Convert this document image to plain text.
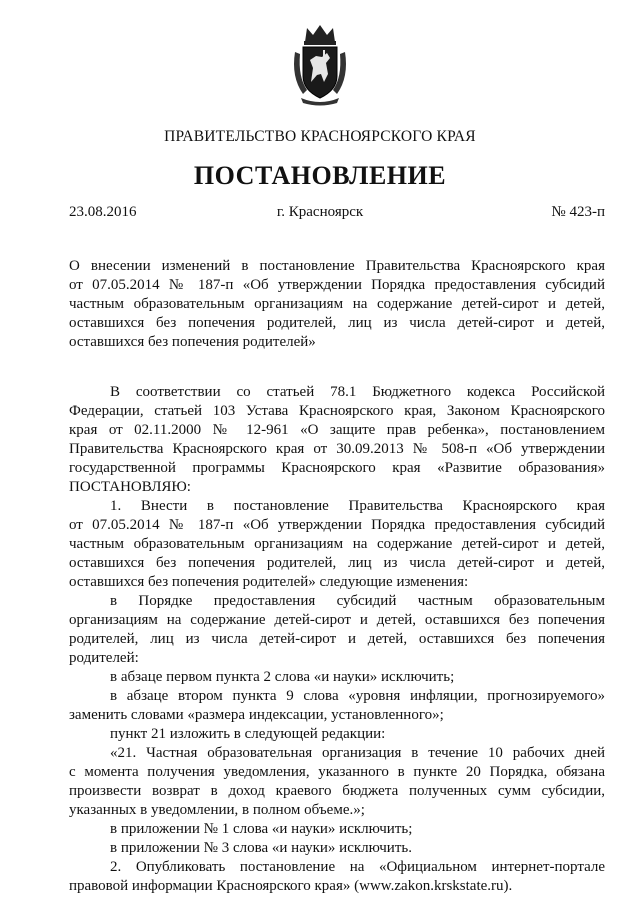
ПРАВИТЕЛЬСТВО КРАСНОЯРСКОГО КРАЯ
ПОСТАНОВЛЕНИЕ
23.08.2016	г. Красноярск	№ 423-п
О внесении изменений в постановление Правительства Красноярского края
от 07.05.2014 № 187-п «Об утверждении Порядка предоставления субсидий
частным образовательным организациям на содержание детей-сирот и детей,
оставшихся без попечения родителей, лиц из числа детей-сирот и детей,
оставшихся без попечения родителей»
В соответствии со статьей 78.1 Бюджетного кодекса Российской
Федерации, статьей 103 Устава Красноярского края, Законом Красноярского
края от 02.11.2000 № 12-961 «О защите прав ребенка», постановлением
Правительства Красноярского края от 30.09.2013 № 508-п «Об утверждении
государственной программы Красноярского края «Развитие образования»
ПОСТАНОВЛЯЮ:
1. Внести в постановление Правительства Красноярского края
от 07.05.2014 № 187-п «Об утверждении Порядка предоставления субсидий
частным образовательным организациям на содержание детей-сирот и детей,
оставшихся без попечения родителей, лиц из числа детей-сирот и детей,
оставшихся без попечения родителей» следующие изменения:
в Порядке предоставления субсидий частным образовательным
организациям на содержание детей-сирот и детей, оставшихся без попечения
родителей, лиц из числа детей-сирот и детей, оставшихся без попечения
родителей:
в абзаце первом пункта 2 слова «и науки» исключить;
в абзаце втором пункта 9 слова «уровня инфляции, прогнозируемого»
заменить словами «размера индексации, установленного»;
пункт 21 изложить в следующей редакции:
«21. Частная образовательная организация в течение 10 рабочих дней
с момента получения уведомления, указанного в пункте 20 Порядка, обязана
произвести возврат в доход краевого бюджета полученных сумм субсидии,
указанных в уведомлении, в полном объеме.»;
в приложении № 1 слова «и науки» исключить;
в приложении № 3 слова «и науки» исключить.
2. Опубликовать постановление на «Официальном интернет-портале
правовой информации Красноярского края» (www.zakon.krskstate.ru).
